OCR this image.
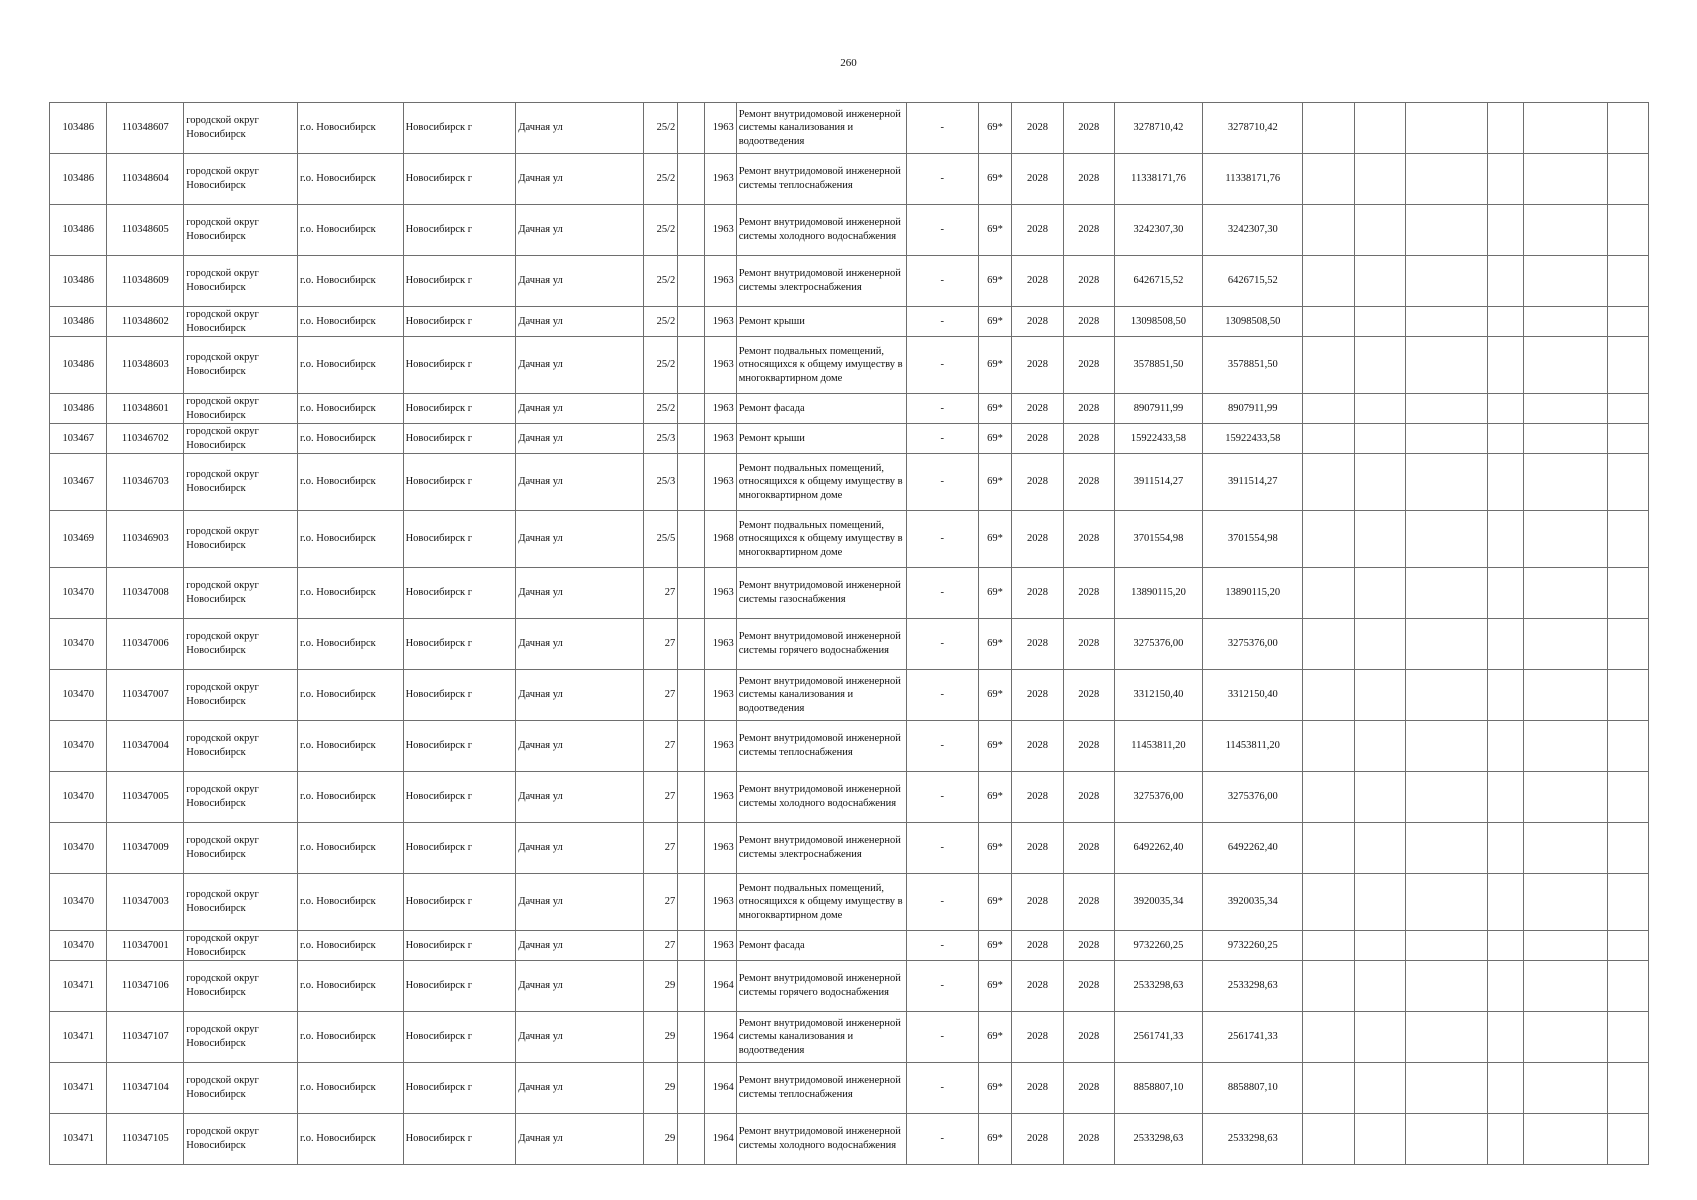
260
103486	110348607	городской округ Новосибирск	г.о. Новосибирск	Новосибирск г	Дачная ул	25/2		1963	Ремонт внутридомовой инженерной системы канализования и водоотведения	-	69*	2028	2028	3278710,42	3278710,42						
103486	110348604	городской округ Новосибирск	г.о. Новосибирск	Новосибирск г	Дачная ул	25/2		1963	Ремонт внутридомовой инженерной системы теплоснабжения	-	69*	2028	2028	11338171,76	11338171,76						
103486	110348605	городской округ Новосибирск	г.о. Новосибирск	Новосибирск г	Дачная ул	25/2		1963	Ремонт внутридомовой инженерной системы холодного водоснабжения	-	69*	2028	2028	3242307,30	3242307,30						
103486	110348609	городской округ Новосибирск	г.о. Новосибирск	Новосибирск г	Дачная ул	25/2		1963	Ремонт внутридомовой инженерной системы электроснабжения	-	69*	2028	2028	6426715,52	6426715,52						
103486	110348602	городской округ Новосибирск	г.о. Новосибирск	Новосибирск г	Дачная ул	25/2		1963	Ремонт крыши	-	69*	2028	2028	13098508,50	13098508,50						
103486	110348603	городской округ Новосибирск	г.о. Новосибирск	Новосибирск г	Дачная ул	25/2		1963	Ремонт подвальных помещений, относящихся к общему имуществу в многоквартирном доме	-	69*	2028	2028	3578851,50	3578851,50						
103486	110348601	городской округ Новосибирск	г.о. Новосибирск	Новосибирск г	Дачная ул	25/2		1963	Ремонт фасада	-	69*	2028	2028	8907911,99	8907911,99						
103467	110346702	городской округ Новосибирск	г.о. Новосибирск	Новосибирск г	Дачная ул	25/3		1963	Ремонт крыши	-	69*	2028	2028	15922433,58	15922433,58						
103467	110346703	городской округ Новосибирск	г.о. Новосибирск	Новосибирск г	Дачная ул	25/3		1963	Ремонт подвальных помещений, относящихся к общему имуществу в многоквартирном доме	-	69*	2028	2028	3911514,27	3911514,27						
103469	110346903	городской округ Новосибирск	г.о. Новосибирск	Новосибирск г	Дачная ул	25/5		1968	Ремонт подвальных помещений, относящихся к общему имуществу в многоквартирном доме	-	69*	2028	2028	3701554,98	3701554,98						
103470	110347008	городской округ Новосибирск	г.о. Новосибирск	Новосибирск г	Дачная ул	27		1963	Ремонт внутридомовой инженерной системы газоснабжения	-	69*	2028	2028	13890115,20	13890115,20						
103470	110347006	городской округ Новосибирск	г.о. Новосибирск	Новосибирск г	Дачная ул	27		1963	Ремонт внутридомовой инженерной системы горячего водоснабжения	-	69*	2028	2028	3275376,00	3275376,00						
103470	110347007	городской округ Новосибирск	г.о. Новосибирск	Новосибирск г	Дачная ул	27		1963	Ремонт внутридомовой инженерной системы канализования и водоотведения	-	69*	2028	2028	3312150,40	3312150,40						
103470	110347004	городской округ Новосибирск	г.о. Новосибирск	Новосибирск г	Дачная ул	27		1963	Ремонт внутридомовой инженерной системы теплоснабжения	-	69*	2028	2028	11453811,20	11453811,20						
103470	110347005	городской округ Новосибирск	г.о. Новосибирск	Новосибирск г	Дачная ул	27		1963	Ремонт внутридомовой инженерной системы холодного водоснабжения	-	69*	2028	2028	3275376,00	3275376,00						
103470	110347009	городской округ Новосибирск	г.о. Новосибирск	Новосибирск г	Дачная ул	27		1963	Ремонт внутридомовой инженерной системы электроснабжения	-	69*	2028	2028	6492262,40	6492262,40						
103470	110347003	городской округ Новосибирск	г.о. Новосибирск	Новосибирск г	Дачная ул	27		1963	Ремонт подвальных помещений, относящихся к общему имуществу в многоквартирном доме	-	69*	2028	2028	3920035,34	3920035,34						
103470	110347001	городской округ Новосибирск	г.о. Новосибирск	Новосибирск г	Дачная ул	27		1963	Ремонт фасада	-	69*	2028	2028	9732260,25	9732260,25						
103471	110347106	городской округ Новосибирск	г.о. Новосибирск	Новосибирск г	Дачная ул	29		1964	Ремонт внутридомовой инженерной системы горячего водоснабжения	-	69*	2028	2028	2533298,63	2533298,63						
103471	110347107	городской округ Новосибирск	г.о. Новосибирск	Новосибирск г	Дачная ул	29		1964	Ремонт внутридомовой инженерной системы канализования и водоотведения	-	69*	2028	2028	2561741,33	2561741,33						
103471	110347104	городской округ Новосибирск	г.о. Новосибирск	Новосибирск г	Дачная ул	29		1964	Ремонт внутридомовой инженерной системы теплоснабжения	-	69*	2028	2028	8858807,10	8858807,10						
103471	110347105	городской округ Новосибирск	г.о. Новосибирск	Новосибирск г	Дачная ул	29		1964	Ремонт внутридомовой инженерной системы холодного водоснабжения	-	69*	2028	2028	2533298,63	2533298,63						
